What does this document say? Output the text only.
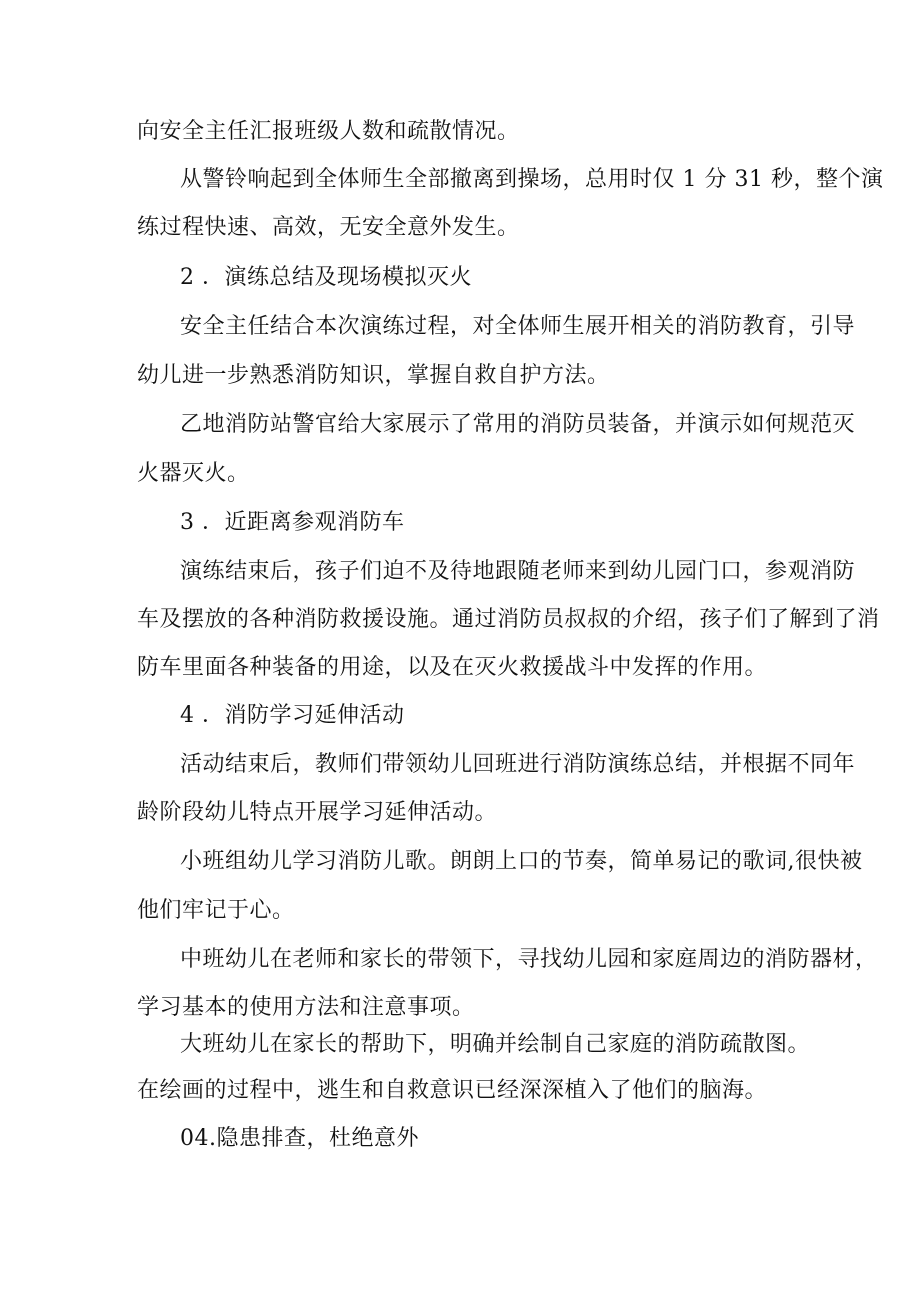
向安全主任汇报班级人数和疏散情况。
从警铃响起到全体师生全部撤离到操场，总用时仅 1 分 31 秒，整个演
练过程快速、高效，无安全意外发生。
2 ．演练总结及现场模拟灭火
安全主任结合本次演练过程，对全体师生展开相关的消防教育，引导
幼儿进一步熟悉消防知识，掌握自救自护方法。
乙地消防站警官给大家展示了常用的消防员装备，并演示如何规范灭
火器灭火。
3 ．近距离参观消防车
演练结束后，孩子们迫不及待地跟随老师来到幼儿园门口，参观消防
车及摆放的各种消防救援设施。通过消防员叔叔的介绍，孩子们了解到了消
防车里面各种装备的用途，以及在灭火救援战斗中发挥的作用。
4 ．消防学习延伸活动
活动结束后，教师们带领幼儿回班进行消防演练总结，并根据不同年
龄阶段幼儿特点开展学习延伸活动。
小班组幼儿学习消防儿歌。朗朗上口的节奏，简单易记的歌词,很快被
他们牢记于心。
中班幼儿在老师和家长的带领下，寻找幼儿园和家庭周边的消防器材，
学习基本的使用方法和注意事项。
大班幼儿在家长的帮助下，明确并绘制自己家庭的消防疏散图。
在绘画的过程中，逃生和自救意识已经深深植入了他们的脑海。
04.隐患排查，杜绝意外
